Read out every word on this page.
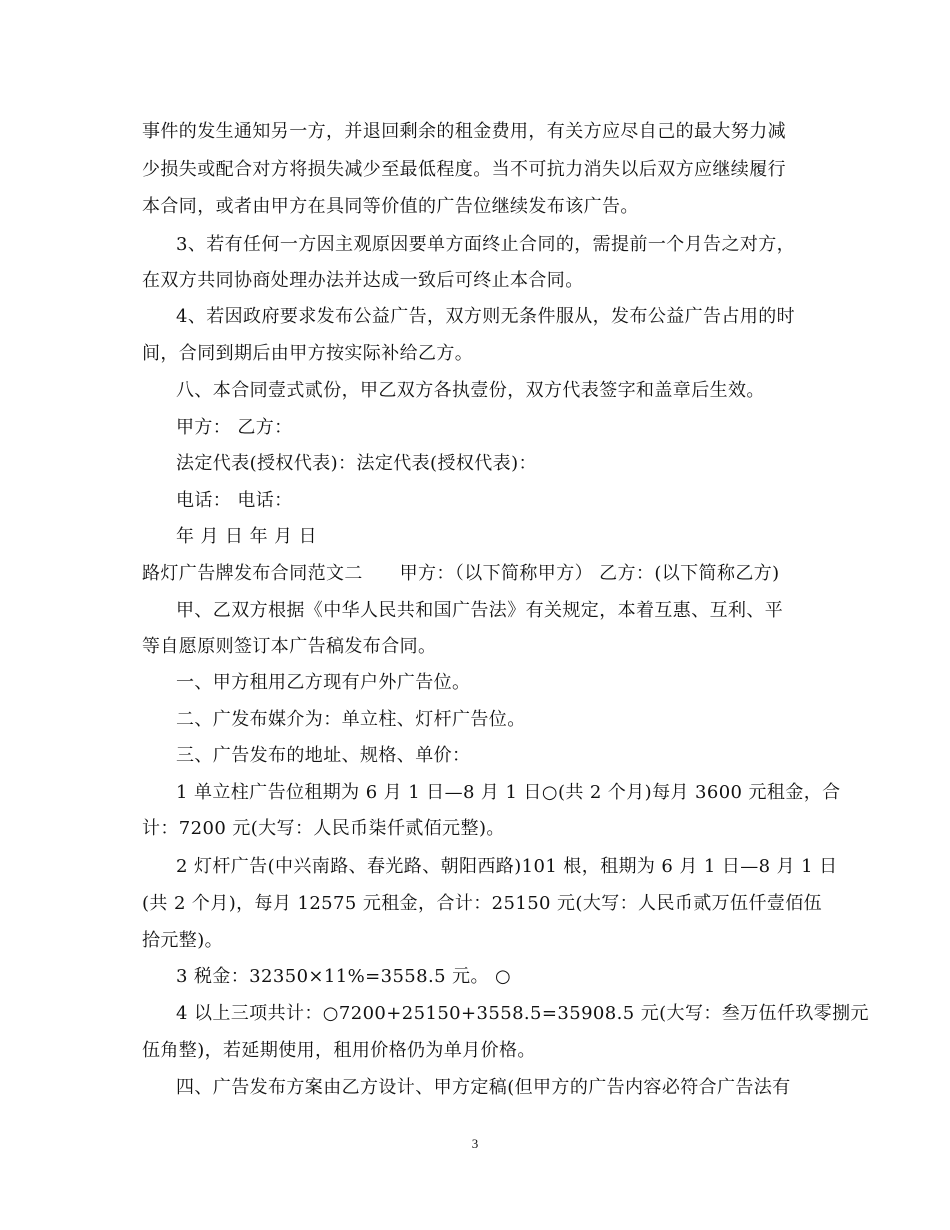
事件的发生通知另一方，并退回剩余的租金费用，有关方应尽自己的最大努力减
少损失或配合对方将损失减少至最低程度。当不可抗力消失以后双方应继续履行
本合同，或者由甲方在具同等价值的广告位继续发布该广告。
3、若有任何一方因主观原因要单方面终止合同的，需提前一个月告之对方，
在双方共同协商处理办法并达成一致后可终止本合同。
4、若因政府要求发布公益广告，双方则无条件服从，发布公益广告占用的时
间，合同到期后由甲方按实际补给乙方。
八、本合同壹式贰份，甲乙双方各执壹份，双方代表签字和盖章后生效。
甲方： 乙方：
法定代表(授权代表)：法定代表(授权代表)：
电话： 电话：
年 月 日 年 月 日
路灯广告牌发布合同范文二　　甲方：（以下简称甲方） 乙方：(以下简称乙方)
甲、乙双方根据《中华人民共和国广告法》有关规定，本着互惠、互利、平
等自愿原则签订本广告稿发布合同。
一、甲方租用乙方现有户外广告位。
二、广发布媒介为：单立柱、灯杆广告位。
三、广告发布的地址、规格、单价：
1 单立柱广告位租期为 6 月 1 日—8 月 1 日○(共 2 个月)每月 3600 元租金，合
计：7200 元(大写：人民币柒仟贰佰元整)。
2 灯杆广告(中兴南路、春光路、朝阳西路)101 根，租期为 6 月 1 日—8 月 1 日
(共 2 个月)，每月 12575 元租金，合计：25150 元(大写：人民币贰万伍仟壹佰伍
拾元整)。
3 税金：32350×11%=3558.5 元。 ○
4 以上三项共计：○7200+25150+3558.5=35908.5 元(大写：叁万伍仟玖零捌元
伍角整)，若延期使用，租用价格仍为单月价格。
四、广告发布方案由乙方设计、甲方定稿(但甲方的广告内容必符合广告法有
3
